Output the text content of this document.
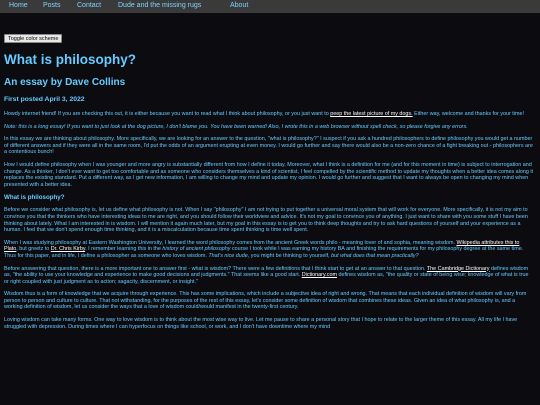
Home Posts Contact Dude and the missing rugs	About
Toggle color scheme
What is philosophy?
An essay by Dave Collins
First posted April 3, 2022

Howdy internet friend! If you are checking this out, it is either because you want to read what I think about philosophy, or you just want to peep the latest picture of my dogs. Either way, welcome and thanks for your time!

Note: this is a long essay! If you want to just look at the dog picture, I don't blame you. You have been warned! Also, I wrote this in a web browser without spell check, so please forgive any errors.

In this essay we are thinking about philosophy. More specifically, we are looking for an answer to the question, "what is philosophy?" I suspect if you ask a hundred philosophers to define philosophy you would get a number of different answers and if they were all in the same room, I'd put the odds of an argument erupting at even money. I would go further and say there would also be a non-zero chance of a fight breaking out - philosophers are a contentious bunch!

How I would define philosophy when I was younger and more angry is substantially different from how I define it today. Moreover, what I think is a definition for me (and for this moment in time) is subject to interrogation and change. As a thinker, I don't ever want to get too comfortable and as someone who considers themselves a kind of scientist, I feel compelled by the scientific method to update my thoughts when a better idea comes along it replaces the existing standard. Put a different way, as I get new information, I am willing to change my mind and update my opinion. I would go further and suggest that I want to always be open to changing my mind when presented with a better idea.

What is philosophy?

Before we consider what philosophy is, let us define what philosophy is not. When I say "philosophy" I am not trying to put together a universal moral system that will work for everyone. More specifically, it is not my aim to convince you that the thinkers who have interesting ideas to me are right, and you should follow their worldview and advice. It's not my goal to convince you of anything. I just want to share with you some stuff I have been thinking about lately. What I am interested in is wisdom. I will mention it again much later, but my goal in this essay is to get you to think deep thoughts and try to ask hard questions of yourself and your experience as a human. I feel that we don't spend enough time thinking, and it is a miscalculation because time spent thinking is time well spent.

When I was studying philosophy at Eastern Washington University, I learned the word philosophy comes from the ancient Greek words philo - meaning lover of and sophia, meaning wisdom. Wikipedia attributes this to Plato, but greetz to Dr. Chris Kirby. I remember learning this in the history of ancient philosophy course I took while I was earning my history BA and finishing the requirements for my philosophy degree at the same time. Thus for this paper, and in life, I define a philosopher as someone who loves wisdom. That's nice dude, you might be thinking to yourself, but what does that mean practically?

Before answering that question, there is a more important one to answer first - what is wisdom? There were a few definitions that I think start to get at an answer to that question. The Cambridge Dictionary defines wisdom as, "the ability to use your knowledge and experience to make good decisions and judgments." That seems like a good start. Dictionary.com defines wisdom as, "the quality or state of being wise; knowledge of what is true or right coupled with just judgment as to action; sagacity, discernment, or insight."

Wisdom thus is a form of knowledge that we acquire through experience. This has some implications, which include a subjective idea of right and wrong. That means that each individual definition of wisdom will vary from person to person and culture to culture. That not withstanding, for the purposes of the rest of this essay, let's consider some definition of wisdom that combines these ideas. Given an idea of what philosophy is, and a working definition of wisdom, let us consider the ways that a love of wisdom could/would manifest in the twenty-first century.

Loving wisdom can take many forms. One way to love wisdom is to think about the most wise way to live. Let me pause to share a personal story that I hope to relate to the larger theme of this essay. All my life I have struggled with depression. During times where I can hyperfocus on things like school, or work, and I don't have downtime where my mind
